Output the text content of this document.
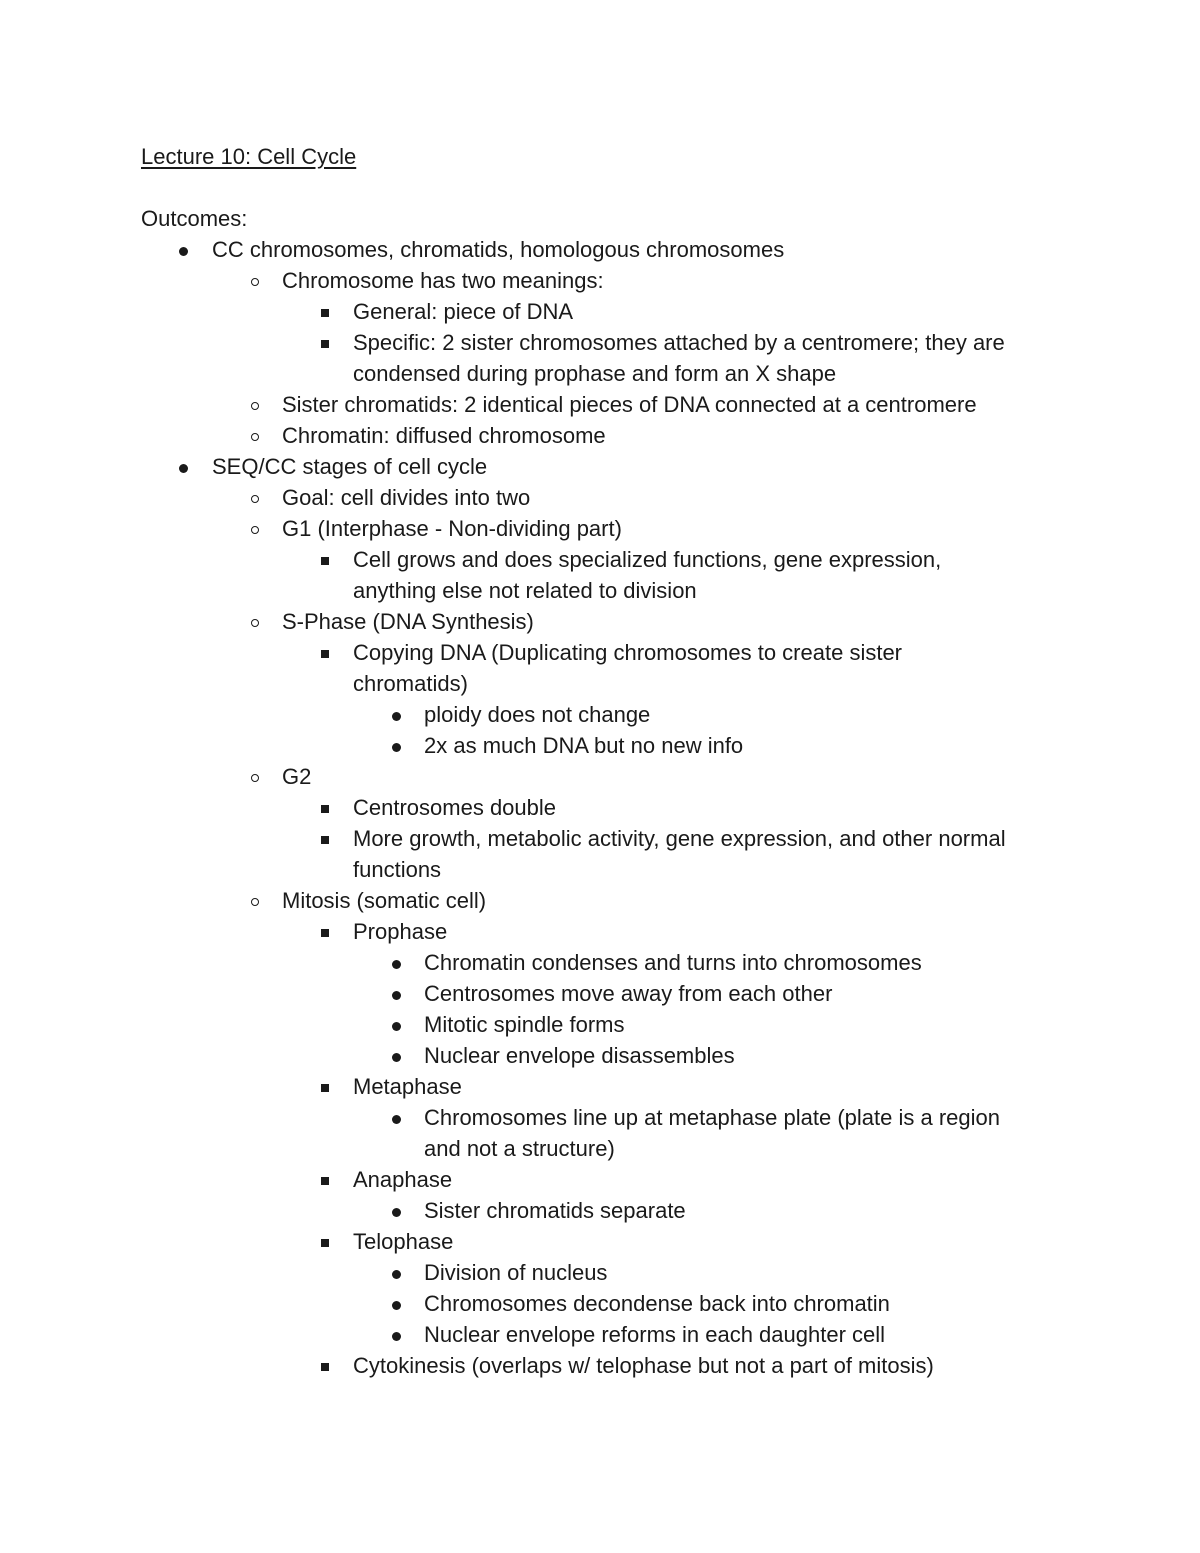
Lecture 10: Cell Cycle
Outcomes:
CC chromosomes, chromatids, homologous chromosomes
Chromosome has two meanings:
General: piece of DNA
Specific: 2 sister chromosomes attached by a centromere; they are
condensed during prophase and form an X shape
Sister chromatids: 2 identical pieces of DNA connected at a centromere
Chromatin: diffused chromosome
SEQ/CC stages of cell cycle
Goal: cell divides into two
G1 (Interphase - Non-dividing part)
Cell grows and does specialized functions, gene expression,
anything else not related to division
S-Phase (DNA Synthesis)
Copying DNA (Duplicating chromosomes to create sister
chromatids)
ploidy does not change
2x as much DNA but no new info
G2
Centrosomes double
More growth, metabolic activity, gene expression, and other normal
functions
Mitosis (somatic cell)
Prophase
Chromatin condenses and turns into chromosomes
Centrosomes move away from each other
Mitotic spindle forms
Nuclear envelope disassembles
Metaphase
Chromosomes line up at metaphase plate (plate is a region
and not a structure)
Anaphase
Sister chromatids separate
Telophase
Division of nucleus
Chromosomes decondense back into chromatin
Nuclear envelope reforms in each daughter cell
Cytokinesis (overlaps w/ telophase but not a part of mitosis)
